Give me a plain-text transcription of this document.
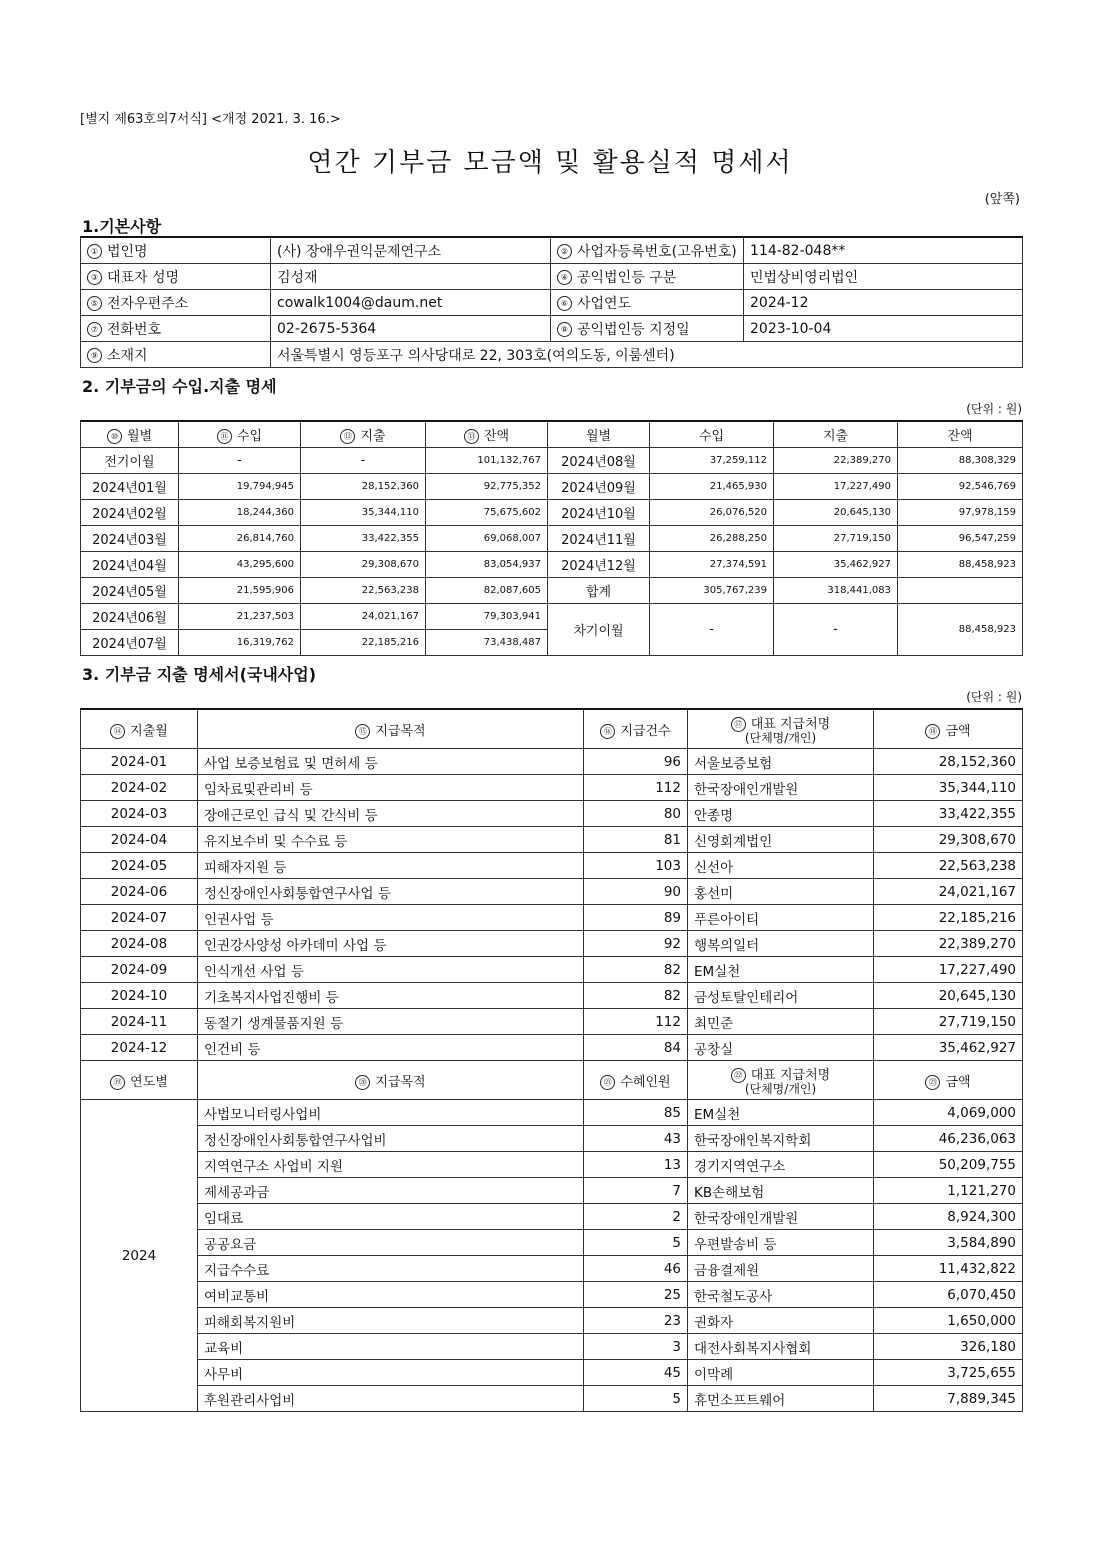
[별지 제63호의7서식] <개정 2021. 3. 16.>
연간 기부금 모금액 및 활용실적 명세서
(앞쪽)
1.기본사항
① 법인명	(사) 장애우권익문제연구소	② 사업자등록번호(고유번호)	114-82-048**
③ 대표자 성명	김성재	④ 공익법인등 구분	민법상비영리법인
⑤ 전자우편주소	cowalk1004@daum.net	⑥ 사업연도	2024-12
⑦ 전화번호	02-2675-5364	⑧ 공익법인등 지정일	2023-10-04
⑨ 소재지	서울특별시 영등포구 의사당대로 22, 303호(여의도동, 이룸센터)		
2. 기부금의 수입.지출 명세
(단위 : 원)
⑩ 월별	⑪ 수입	⑫ 지출	⑬ 잔액	월별	수입	지출	잔액
전기이월	-	-	101,132,767	2024년08월	37,259,112	22,389,270	88,308,329
2024년01월	19,794,945	28,152,360	92,775,352	2024년09월	21,465,930	17,227,490	92,546,769
2024년02월	18,244,360	35,344,110	75,675,602	2024년10월	26,076,520	20,645,130	97,978,159
2024년03월	26,814,760	33,422,355	69,068,007	2024년11월	26,288,250	27,719,150	96,547,259
2024년04월	43,295,600	29,308,670	83,054,937	2024년12월	27,374,591	35,462,927	88,458,923
2024년05월	21,595,906	22,563,238	82,087,605	합계	305,767,239	318,441,083	
2024년06월	21,237,503	24,021,167	79,303,941	차기이월	-	-	88,458,923
2024년07월	16,319,762	22,185,216	73,438,487				
3. 기부금 지출 명세서(국내사업)
(단위 : 원)
⑭ 지출월	⑮ 지급목적	⑯ 지급건수	⑰ 대표 지급처명
(단체명/개인)	⑱ 금액
2024-01	사업 보증보험료 및 면허세 등	96	서울보증보험	28,152,360
2024-02	임차료및관리비 등	112	한국장애인개발원	35,344,110
2024-03	장애근로인 급식 및 간식비 등	80	안종명	33,422,355
2024-04	유지보수비 및 수수료 등	81	신영회계법인	29,308,670
2024-05	피해자지원 등	103	신선아	22,563,238
2024-06	정신장애인사회통합연구사업 등	90	홍선미	24,021,167
2024-07	인권사업 등	89	푸른아이티	22,185,216
2024-08	인권강사양성 아카데미 사업 등	92	행복의일터	22,389,270
2024-09	인식개선 사업 등	82	EM실천	17,227,490
2024-10	기초복지사업진행비 등	82	금성토탈인테리어	20,645,130
2024-11	동절기 생계물품지원 등	112	최민준	27,719,150
2024-12	인건비 등	84	공창실	35,462,927
⑲ 연도별	⑳ 지급목적	㉑ 수혜인원	㉒ 대표 지급처명
(단체명/개인)	㉓ 금액
2024	사법모니터링사업비	85	EM실천	4,069,000
	정신장애인사회통합연구사업비	43	한국장애인복지학회	46,236,063
	지역연구소 사업비 지원	13	경기지역연구소	50,209,755
	제세공과금	7	KB손해보험	1,121,270
	임대료	2	한국장애인개발원	8,924,300
	공공요금	5	우편발송비 등	3,584,890
	지급수수료	46	금융결제원	11,432,822
	여비교통비	25	한국철도공사	6,070,450
	피해회복지원비	23	권화자	1,650,000
	교육비	3	대전사회복지사협회	326,180
	사무비	45	이막례	3,725,655
	후원관리사업비	5	휴먼소프트웨어	7,889,345
